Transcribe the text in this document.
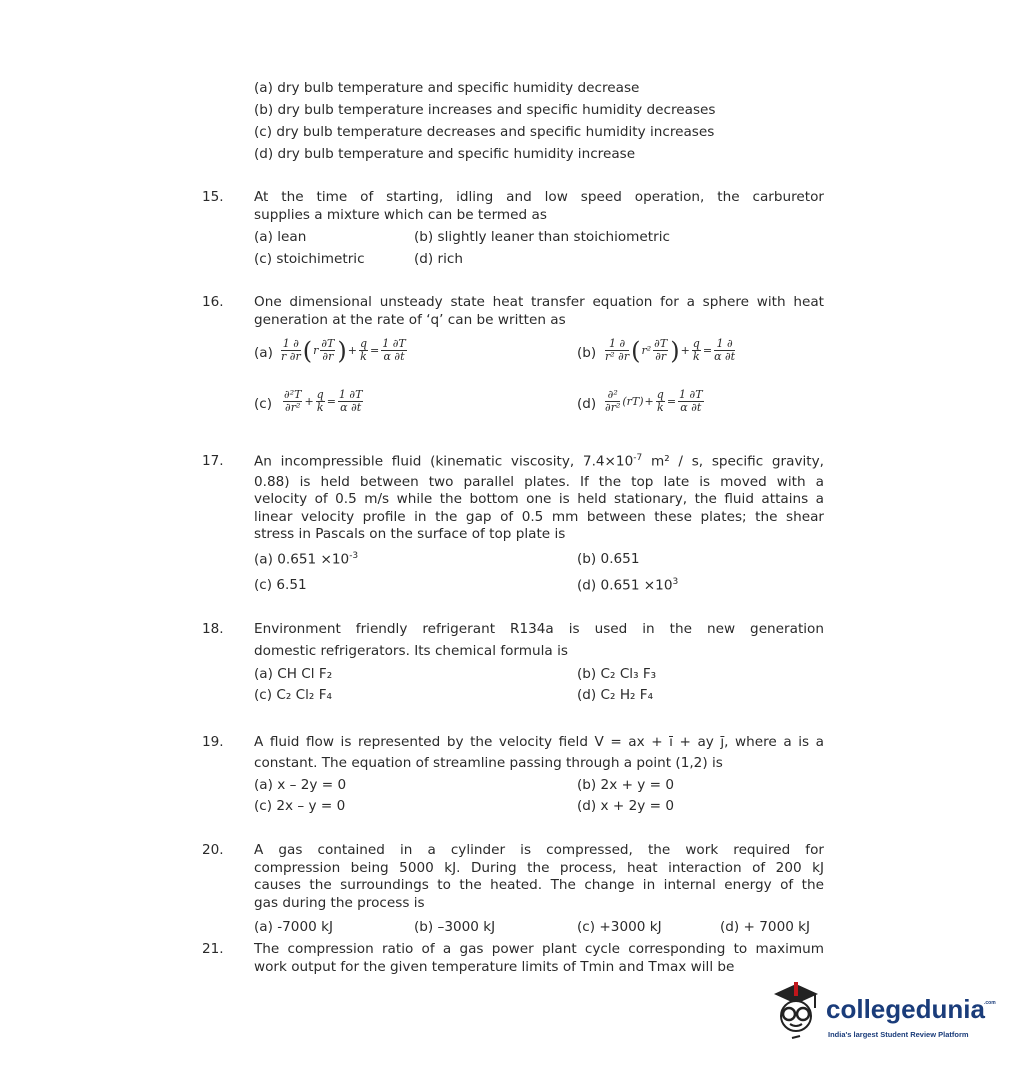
(a) dry bulb temperature and specific humidity decrease
(b) dry bulb temperature increases and specific humidity decreases
(c) dry bulb temperature decreases and specific humidity increases
(d) dry bulb temperature and specific humidity increase
15. At the time of starting, idling and low speed operation, the carburetor
supplies a mixture which can be termed as
(a) lean	(b) slightly leaner than stoichiometric
(c) stoichimetric	(d) rich
16. One dimensional unsteady state heat transfer equation for a sphere with heat
generation at the rate of ‘q’ can be written as
$(a) \frac{1 \partial}{r \partial r}$ ( r $\frac{\partial T}{\partial r}$ ) + $\frac{q}{k} = \frac{1 \partial T}{\alpha \partial t}$	$(b) \frac{1 \partial}{\text{r² ∂r}}$ ( $r^2 \frac{\partial T}{\partial r}$ ) + $\frac{q}{k} = \frac{1 \partial}{\alpha \partial t}$
$(c) \frac{\text{∂²T}}{\text{∂r²}} + \frac{q}{k} = \frac{1 \partial T}{\alpha \partial t}$	$(d) \frac{\text{∂²}}{\text{∂r²}} (rT) + \frac{q}{k} = \frac{1 \partial T}{\alpha \partial t}$
17. An incompressible fluid (kinematic viscosity, $7.4\times 10^{-7}$ m² / s, specific gravity,
0.88) is held between two parallel plates. If the top late is moved with a
velocity of 0.5 m/s while the bottom one is held stationary, the fluid attains a
linear velocity profile in the gap of 0.5 mm between these plates; the shear
stress in Pascals on the surface of top plate is
(a) $0.651 \times 10^{-3}$	(b) 0.651
(c) 6.51	(d) $0.651 \times 10^3$
18. Environment friendly refrigerant R134a is used in the new generation
domestic refrigerators. Its chemical formula is
(a) CH Cl F₂	(b) C₂ Cl₃ F₃
(c) C₂ Cl₂ F₄	(d) C₂ H₂ F₄
19. A fluid flow is represented by the velocity field V = ax + ī + ay j̄, where a is a
constant. The equation of streamline passing through a point (1,2) is
(a) x – 2y = 0	(b) 2x + y = 0
(c) 2x – y = 0	(d) x + 2y = 0
20. A gas contained in a cylinder is compressed, the work required for
compression being 5000 kJ. During the process, heat interaction of 200 kJ
causes the surroundings to the heated. The change in internal energy of the
gas during the process is
(a) -7000 kJ	(b) –3000 kJ	(c) +3000 kJ	(d) + 7000 kJ
21. The compression ratio of a gas power plant cycle corresponding to maximum
work output for the given temperature limits of Tmin and Tmax will be
collegedunia .com
India's largest Student Review Platform
